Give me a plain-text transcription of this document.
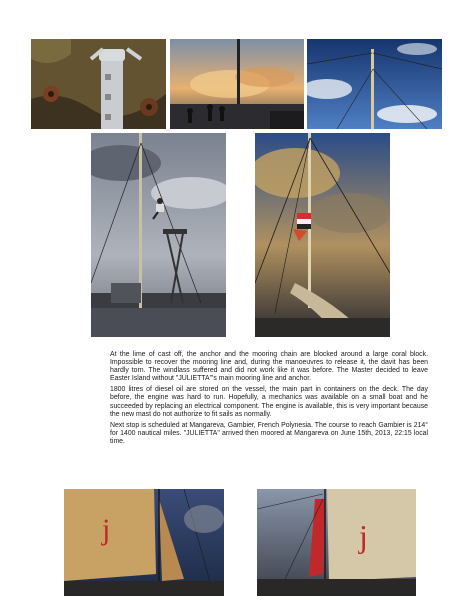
At the lime of cast off, the anchor and the mooring chain are blocked around a large coral block. Impossible to recover the mooring line and, during the manoeuvres to release it, the davit has been hardly torn. The windlass suffered and did not work like it was before. The Master decided to leave Easter Island without "JULIETTA"'s main mooring line and anchor.

1800 litres of diesel oil are stored on the vessel, the main part in containers on the deck. The day before, the engine was hard to run. Hopefully, a mechanics was available on a small boat and he succeeded by replacing an electrical component. The engine is available, this is very important because the new mast do not authorize to fit sails as normally.

Next stop is scheduled at Mangareva, Gambier, French Polynesia. The course to reach Gambier is 214° for 1400 nautical miles. "JULIETTA" arrived then moored at Mangareva on June 15th, 2013, 22:15 local time.

j	j
